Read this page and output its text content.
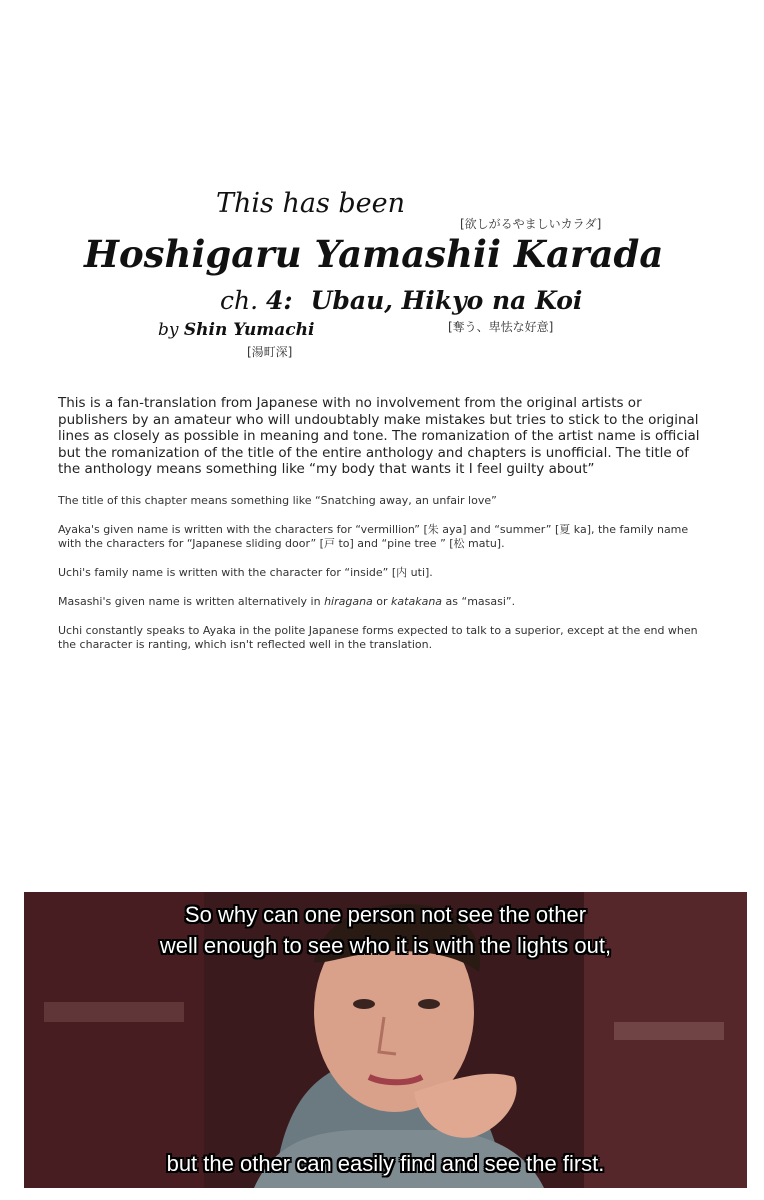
This has been
[欲しがるやましいカラダ]
Hoshigaru Yamashii Karada
ch. 4: Ubau, Hikyo na Koi
[奪う、卑怯な好意]
by Shin Yumachi
[湯町深]
This is a fan-translation from Japanese with no involvement from the original artists or publishers by an amateur who will undoubtably make mistakes but tries to stick to the original lines as closely as possible in meaning and tone. The romanization of the artist name is official but the romanization of the title of the entire anthology and chapters is unofficial. The title of the anthology means something like “my body that wants it I feel guilty about”
The title of this chapter means something like “Snatching away, an unfair love”
Ayaka's given name is written with the characters for “vermillion” [朱 aya] and “summer” [夏 ka], the family name with the characters for “Japanese sliding door” [戸 to] and “pine tree ” [松 matu].
Uchi's family name is written with the character for “inside” [内 uti].
Masashi's given name is written alternatively in hiragana or katakana as “masasi”.
Uchi constantly speaks to Ayaka in the polite Japanese forms expected to talk to a superior, except at the end when the character is ranting, which isn't reflected well in the translation.
So why can one person not see the other
well enough to see who it is with the lights out,
but the other can easily find and see the first.
